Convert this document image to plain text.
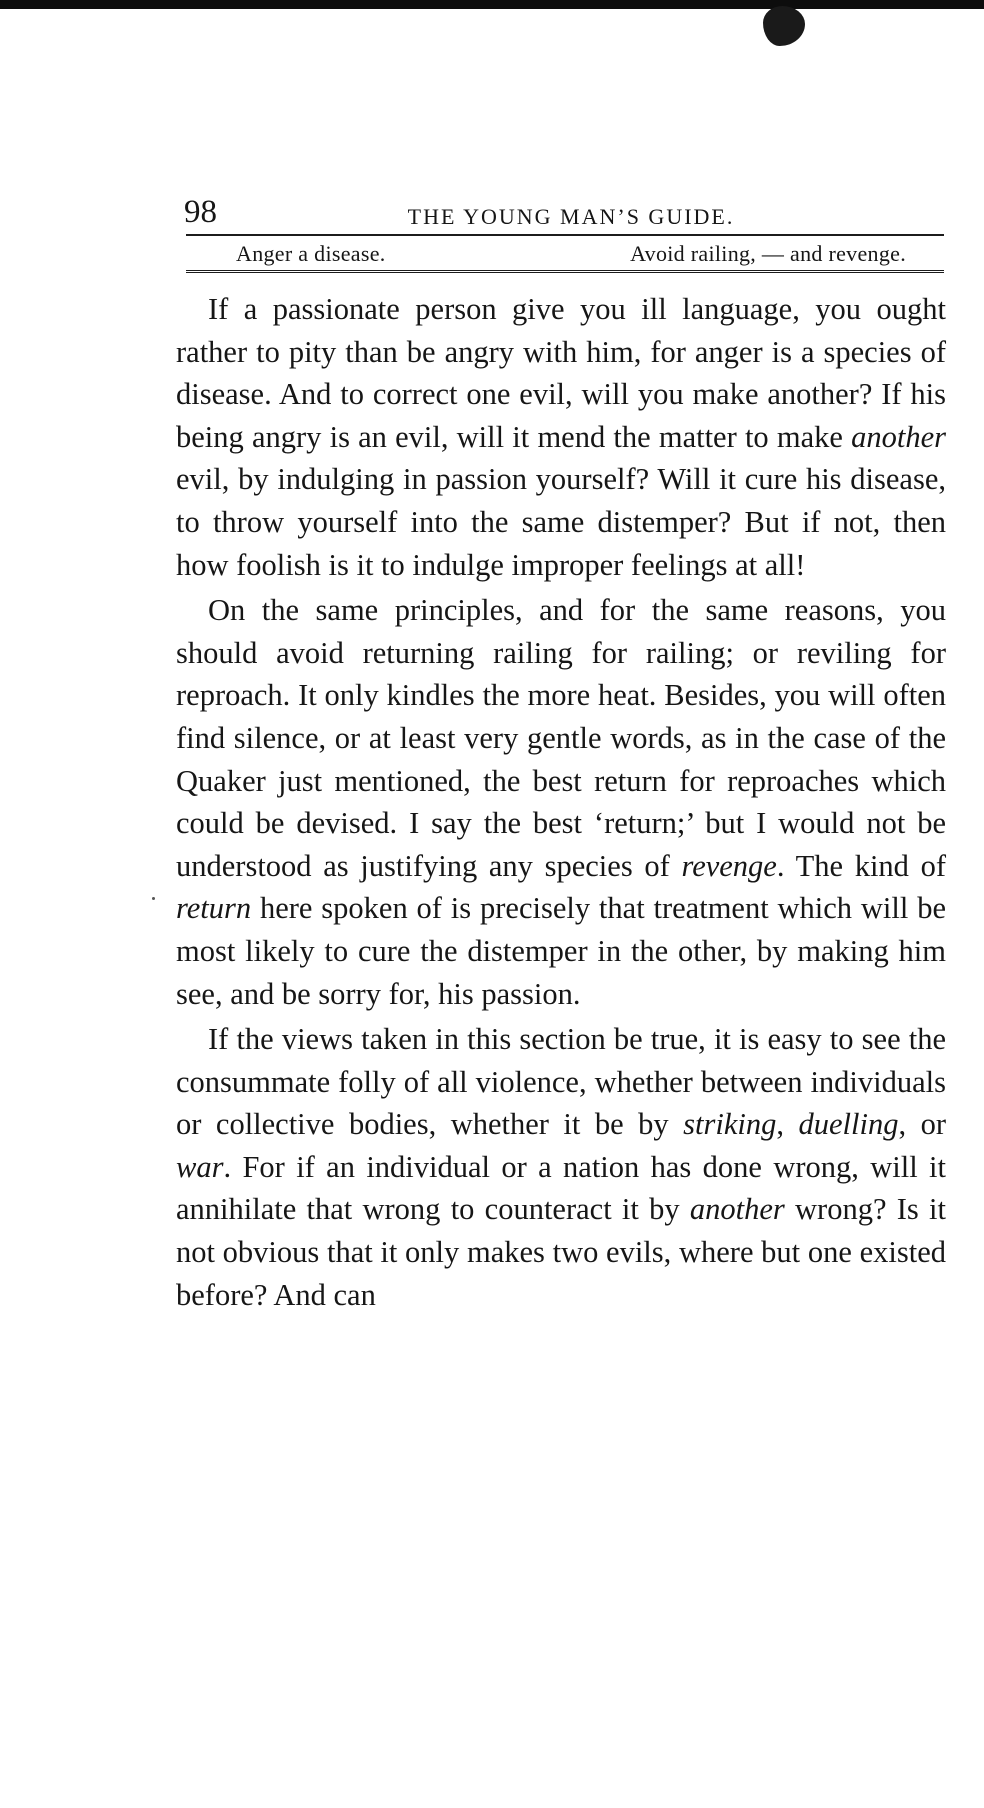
98	THE YOUNG MAN’S GUIDE.
Anger a disease.	Avoid railing, — and revenge.

If a passionate person give you ill language, you ought rather to pity than be angry with him, for anger is a species of disease. And to correct one evil, will you make another? If his being angry is an evil, will it mend the matter to make another evil, by indulging in passion yourself? Will it cure his disease, to throw yourself into the same distemper? But if not, then how foolish is it to indulge improper feelings at all!

On the same principles, and for the same reasons, you should avoid returning railing for railing; or reviling for reproach. It only kindles the more heat. Besides, you will often find silence, or at least very gentle words, as in the case of the Quaker just mentioned, the best return for reproaches which could be devised. I say the best ‘return;’ but I would not be understood as justifying any species of revenge. The kind of return here spoken of is precisely that treatment which will be most likely to cure the distemper in the other, by making him see, and be sorry for, his passion.

If the views taken in this section be true, it is easy to see the consummate folly of all violence, whether between individuals or collective bodies, whether it be by striking, duelling, or war. For if an individual or a nation has done wrong, will it annihilate that wrong to counteract it by another wrong? Is it not obvious that it only makes two evils, where but one existed before? And can
